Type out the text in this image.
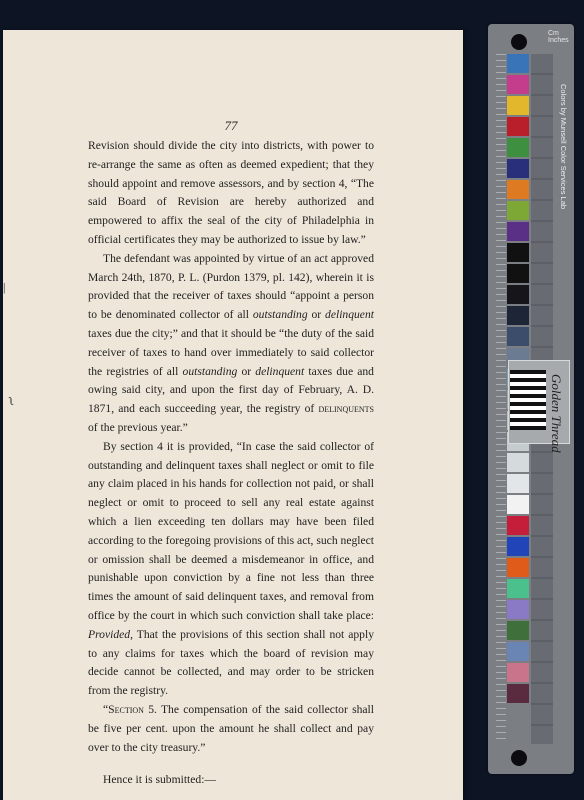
|
ʅ
77

Revision should divide the city into districts, with power to re-arrange the same as often as deemed expedient; that they should appoint and remove assessors, and by section 4, “The said Board of Revision are hereby authorized and empowered to affix the seal of the city of Philadelphia in official certificates they may be authorized to issue by law.”

The defendant was appointed by virtue of an act approved March 24th, 1870, P. L. (Purdon 1379, pl. 142), wherein it is provided that the receiver of taxes should “appoint a person to be denominated collector of all outstanding or delinquent taxes due the city;” and that it should be “the duty of the said receiver of taxes to hand over immediately to said collector the registries of all outstanding or delinquent taxes due and owing said city, and upon the first day of February, A. D. 1871, and each succeeding year, the registry of delinquents of the previous year.”

By section 4 it is provided, “In case the said collector of outstanding and delinquent taxes shall neglect or omit to file any claim placed in his hands for collection not paid, or shall neglect or omit to proceed to sell any real estate against which a lien exceeding ten dollars may have been filed according to the foregoing provisions of this act, such neglect or omission shall be deemed a misdemeanor in office, and punishable upon conviction by a fine not less than three times the amount of said delinquent taxes, and removal from office by the court in which such conviction shall take place: Provided, That the provisions of this section shall not apply to any claims for taxes which the board of revision may decide cannot be collected, and may order to be stricken from the registry.

“Section 5. The compensation of the said collector shall be five per cent. upon the amount he shall collect and pay over to the city treasury.”

Hence it is submitted:—

Cm Inches
Colors by Munsell Color Services Lab
Golden Thread
